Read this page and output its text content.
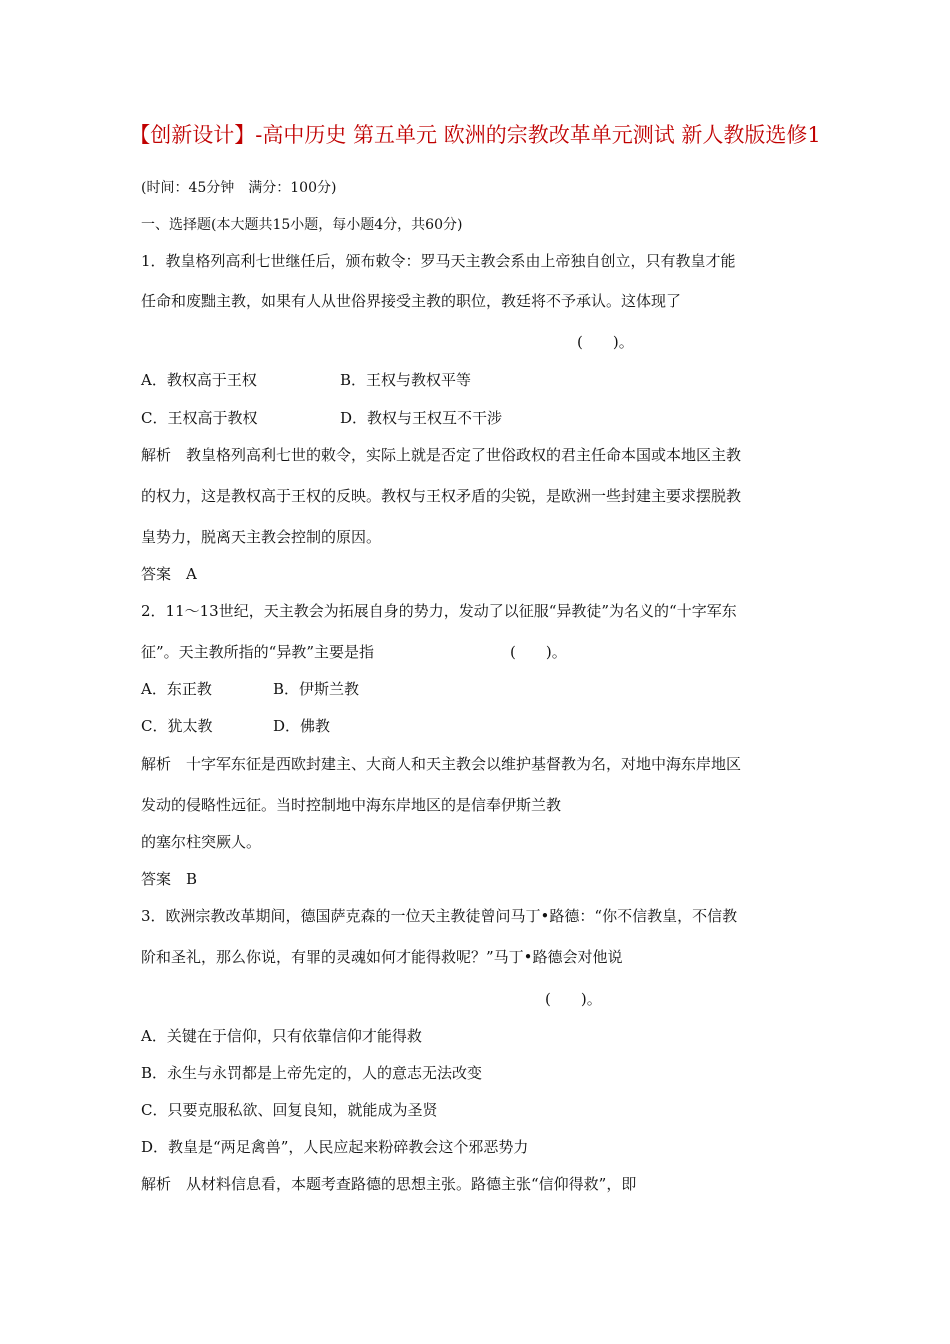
【创新设计】-高中历史 第五单元 欧洲的宗教改革单元测试 新人教版选修1
(时间：45分钟　满分：100分)
一、选择题(本大题共15小题，每小题4分，共60分)
1．教皇格列高利七世继任后，颁布敕令：罗马天主教会系由上帝独自创立，只有教皇才能
任命和废黜主教，如果有人从世俗界接受主教的职位，教廷将不予承认。这体现了
(　　)。
A．教权高于王权	B．王权与教权平等
C．王权高于教权	D．教权与王权互不干涉
解析　教皇格列高利七世的敕令，实际上就是否定了世俗政权的君主任命本国或本地区主教
的权力，这是教权高于王权的反映。教权与王权矛盾的尖锐，是欧洲一些封建主要求摆脱教
皇势力，脱离天主教会控制的原因。
答案　A
2．11～13世纪，天主教会为拓展自身的势力，发动了以征服“异教徒”为名义的“十字军东
征”。天主教所指的“异教”主要是指	(　　)。
A．东正教	B．伊斯兰教
C．犹太教	D．佛教
解析　十字军东征是西欧封建主、大商人和天主教会以维护基督教为名，对地中海东岸地区
发动的侵略性远征。当时控制地中海东岸地区的是信奉伊斯兰教
的塞尔柱突厥人。
答案　B
3．欧洲宗教改革期间，德国萨克森的一位天主教徒曾问马丁•路德：“你不信教皇，不信教
阶和圣礼，那么你说，有罪的灵魂如何才能得救呢？”马丁•路德会对他说
(　　)。
A．关键在于信仰，只有依靠信仰才能得救
B．永生与永罚都是上帝先定的，人的意志无法改变
C．只要克服私欲、回复良知，就能成为圣贤
D．教皇是“两足禽兽”，人民应起来粉碎教会这个邪恶势力
解析　从材料信息看，本题考查路德的思想主张。路德主张“信仰得救”，即
